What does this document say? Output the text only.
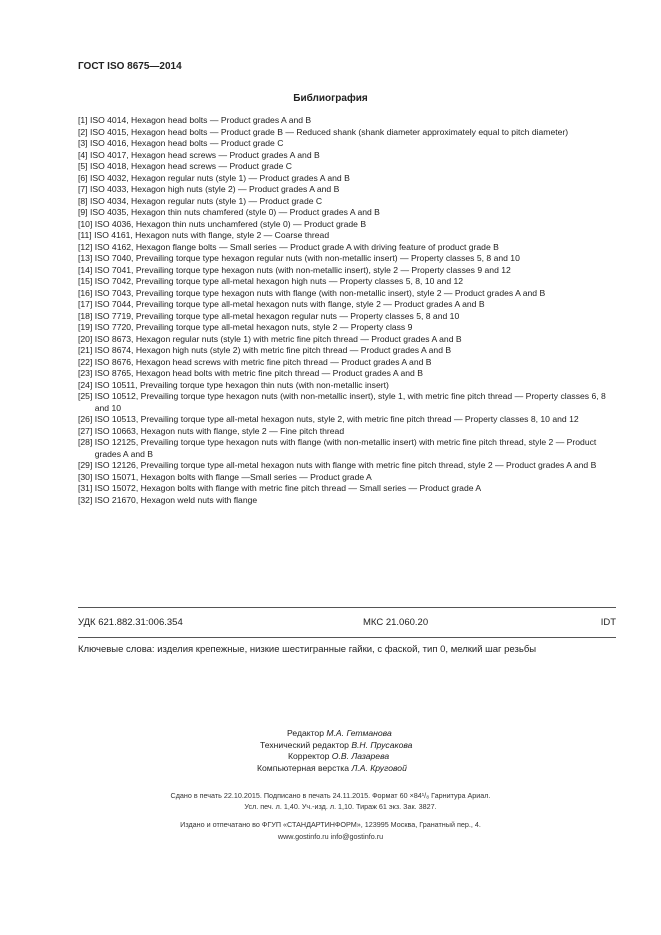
ГОСТ ISO 8675—2014
Библиография
[1] ISO 4014, Hexagon head bolts — Product grades A and B
[2] ISO 4015, Hexagon head bolts — Product grade B — Reduced shank (shank diameter approximately equal to pitch diameter)
[3] ISO 4016, Hexagon head bolts — Product grade C
[4] ISO 4017, Hexagon head screws — Product grades A and B
[5] ISO 4018, Hexagon head screws — Product grade C
[6] ISO 4032, Hexagon regular nuts (style 1) — Product grades A and B
[7] ISO 4033, Hexagon high nuts (style 2) — Product grades A and B
[8] ISO 4034, Hexagon regular nuts (style 1) — Product grade C
[9] ISO 4035, Hexagon thin nuts chamfered (style 0) — Product grades A and B
[10] ISO 4036, Hexagon thin nuts unchamfered (style 0) — Product grade B
[11] ISO 4161, Hexagon nuts with flange, style 2 — Coarse thread
[12] ISO 4162, Hexagon flange bolts — Small series — Product grade A with driving feature of product grade B
[13] ISO 7040, Prevailing torque type hexagon regular nuts (with non-metallic insert) — Property classes 5, 8 and 10
[14] ISO 7041, Prevailing torque type hexagon nuts (with non-metallic insert), style 2 — Property classes 9 and 12
[15] ISO 7042, Prevailing torque type all-metal hexagon high nuts — Property classes 5, 8, 10 and 12
[16] ISO 7043, Prevailing torque type hexagon nuts with flange (with non-metallic insert), style 2 — Product grades A and B
[17] ISO 7044, Prevailing torque type all-metal hexagon nuts with flange, style 2 — Product grades A and B
[18] ISO 7719, Prevailing torque type all-metal hexagon regular nuts — Property classes 5, 8 and 10
[19] ISO 7720, Prevailing torque type all-metal hexagon nuts, style 2 — Property class 9
[20] ISO 8673, Hexagon regular nuts (style 1) with metric fine pitch thread — Product grades A and B
[21] ISO 8674, Hexagon high nuts (style 2) with metric fine pitch thread — Product grades A and B
[22] ISO 8676, Hexagon head screws with metric fine pitch thread — Product grades A and B
[23] ISO 8765, Hexagon head bolts with metric fine pitch thread — Product grades A and B
[24] ISO 10511, Prevailing torque type hexagon thin nuts (with non-metallic insert)
[25] ISO 10512, Prevailing torque type hexagon nuts (with non-metallic insert), style 1, with metric fine pitch thread — Property classes 6, 8 and 10
[26] ISO 10513, Prevailing torque type all-metal hexagon nuts, style 2, with metric fine pitch thread — Property classes 8, 10 and 12
[27] ISO 10663, Hexagon nuts with flange, style 2 — Fine pitch thread
[28] ISO 12125, Prevailing torque type hexagon nuts with flange (with non-metallic insert) with metric fine pitch thread, style 2 — Product grades A and B
[29] ISO 12126, Prevailing torque type all-metal hexagon nuts with flange with metric fine pitch thread, style 2 — Product grades A and B
[30] ISO 15071, Hexagon bolts with flange —Small series — Product grade A
[31] ISO 15072, Hexagon bolts with flange with metric fine pitch thread — Small series — Product grade A
[32] ISO 21670, Hexagon weld nuts with flange
УДК 621.882.31:006.354	МКС 21.060.20	IDT
Ключевые слова: изделия крепежные, низкие шестигранные гайки, с фаской, тип 0, мелкий шаг резьбы
Редактор М.А. Гетманова
Технический редактор В.Н. Прусакова
Корректор О.В. Лазарева
Компьютерная верстка Л.А. Круговой
Сдано в печать 22.10.2015. Подписано в печать 24.11.2015. Формат 60 ×84¹/₈ Гарнитура Ариал.
Усл. печ. л. 1,40. Уч.-изд. л. 1,10. Тираж 61 экз. Зак. 3827.
Издано и отпечатано во ФГУП «СТАНДАРТИНФОРМ», 123995 Москва, Гранатный пер., 4.
www.gostinfo.ru info@gostinfo.ru
